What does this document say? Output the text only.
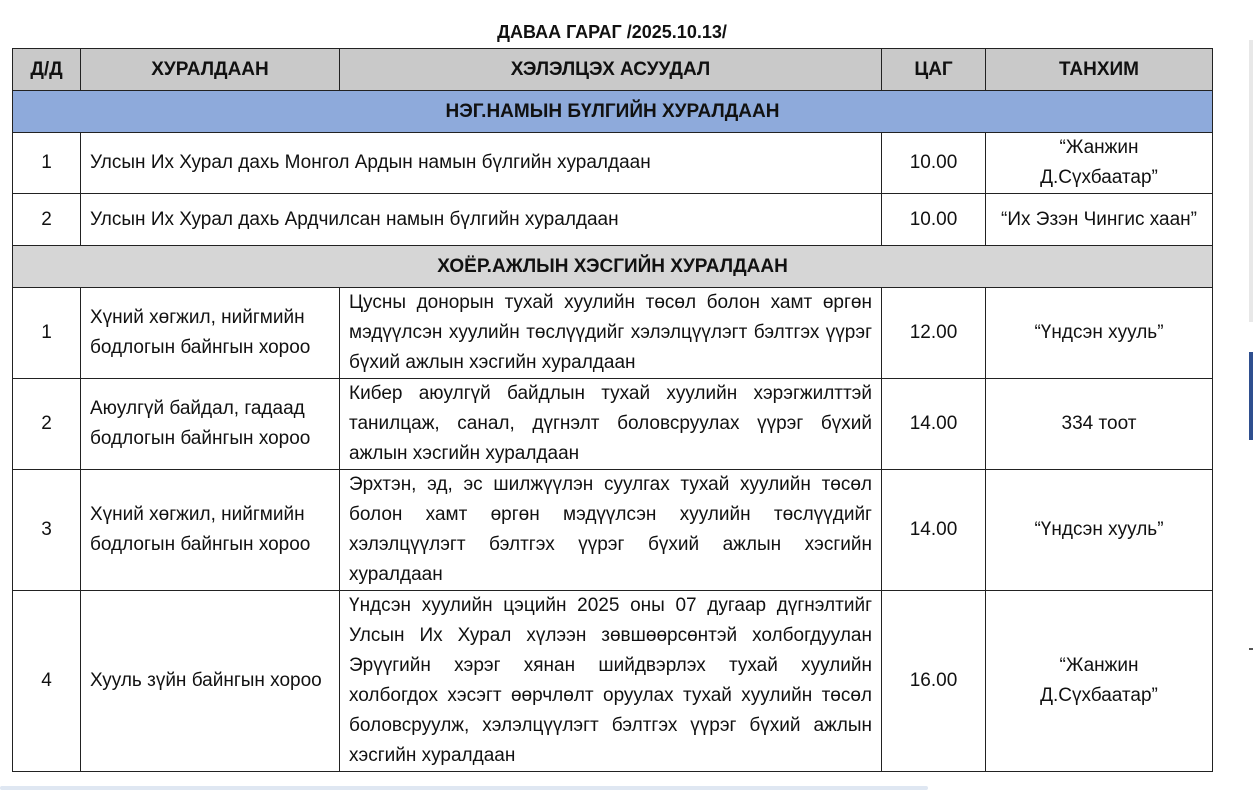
ДАВАА ГАРАГ /2025.10.13/
Д/Д	ХУРАЛДААН	ХЭЛЭЛЦЭХ АСУУДАЛ	ЦАГ	ТАНХИМ
НЭГ.НАМЫН БҮЛГИЙН ХУРАЛДААН				
1	Улсын Их Хурал дахь Монгол Ардын намын бүлгийн хуралдаан		10.00	“Жанжин
Д.Сүхбаатар”
2	Улсын Их Хурал дахь Ардчилсан намын бүлгийн хуралдаан		10.00	“Их Эзэн Чингис хаан”
ХОЁР.АЖЛЫН ХЭСГИЙН ХУРАЛДААН				
1	Хүний хөгжил, нийгмийн бодлогын байнгын хороо	Цусны донорын тухай хуулийн төсөл болон хамт өргөн мэдүүлсэн хуулийн төслүүдийг хэлэлцүүлэгт бэлтгэх үүрэг бүхий ажлын хэсгийн хуралдаан	12.00	“Үндсэн хууль”
2	Аюулгүй байдал, гадаад бодлогын байнгын хороо	Кибер аюулгүй байдлын тухай хуулийн хэрэгжилттэй танилцаж, санал, дүгнэлт боловсруулах үүрэг бүхий ажлын хэсгийн хуралдаан	14.00	334 тоот
3	Хүний хөгжил, нийгмийн бодлогын байнгын хороо	Эрхтэн, эд, эс шилжүүлэн суулгах тухай хуулийн төсөл болон хамт өргөн мэдүүлсэн хуулийн төслүүдийг хэлэлцүүлэгт бэлтгэх үүрэг бүхий ажлын хэсгийн хуралдаан	14.00	“Үндсэн хууль”
4	Хууль зүйн байнгын хороо	Үндсэн хуулийн цэцийн 2025 оны 07 дугаар дүгнэлтийг Улсын Их Хурал хүлээн зөвшөөрсөнтэй холбогдуулан Эрүүгийн хэрэг хянан шийдвэрлэх тухай хуулийн холбогдох хэсэгт өөрчлөлт оруулах тухай хуулийн төсөл боловсруулж, хэлэлцүүлэгт бэлтгэх үүрэг бүхий ажлын хэсгийн хуралдаан	16.00	“Жанжин
Д.Сүхбаатар”
